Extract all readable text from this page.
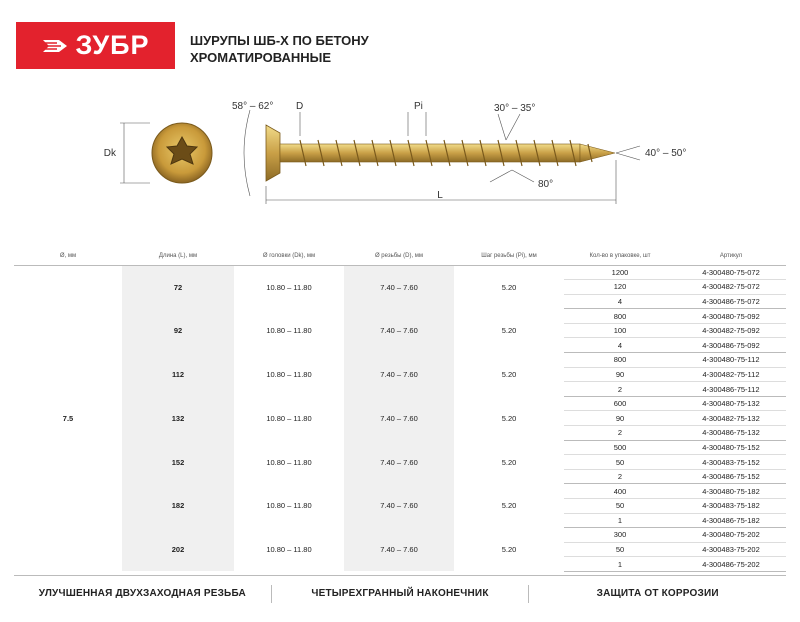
ЗУБР	ШУРУПЫ ШБ-Х ПО БЕТОНУ
ХРОМАТИРОВАННЫЕ
Dk
58° – 62° D	Pi	30° – 35°
40° – 50°
80°
L
Ø, мм	Длина (L), мм	Ø головки (Dk), мм	Ø резьбы (D), мм	Шаг резьбы (Pi), мм	Кол-во в упаковке, шт	Артикул
7.5	72	10.80 – 11.80	7.40 – 7.60	5.20	1200	4-300480-75-072
					120	4-300482-75-072
					4	4-300486-75-072
	92	10.80 – 11.80	7.40 – 7.60	5.20	800	4-300480-75-092
					100	4-300482-75-092
					4	4-300486-75-092
	112	10.80 – 11.80	7.40 – 7.60	5.20	800	4-300480-75-112
					90	4-300482-75-112
					2	4-300486-75-112
	132	10.80 – 11.80	7.40 – 7.60	5.20	600	4-300480-75-132
					90	4-300482-75-132
					2	4-300486-75-132
	152	10.80 – 11.80	7.40 – 7.60	5.20	500	4-300480-75-152
					50	4-300483-75-152
					2	4-300486-75-152
	182	10.80 – 11.80	7.40 – 7.60	5.20	400	4-300480-75-182
					50	4-300483-75-182
					1	4-300486-75-182
	202	10.80 – 11.80	7.40 – 7.60	5.20	300	4-300480-75-202
					50	4-300483-75-202
					1	4-300486-75-202
УЛУЧШЕННАЯ ДВУХЗАХОДНАЯ РЕЗЬБА	ЧЕТЫРЕХГРАННЫЙ НАКОНЕЧНИК	ЗАЩИТА ОТ КОРРОЗИИ
